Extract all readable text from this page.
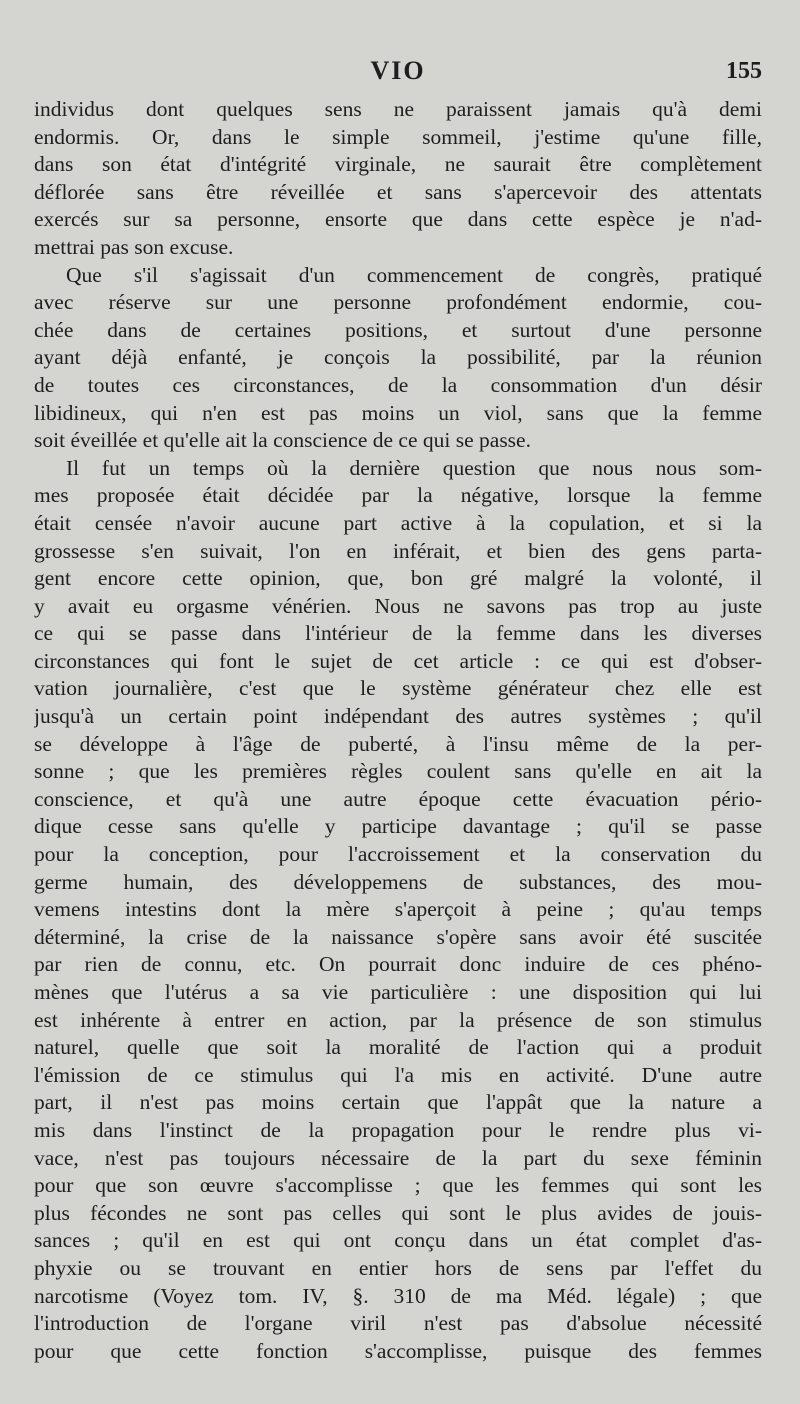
VIO	155
individus dont quelques sens ne paraissent jamais qu'à demi
endormis. Or, dans le simple sommeil, j'estime qu'une fille,
dans son état d'intégrité virginale, ne saurait être complètement
déflorée sans être réveillée et sans s'apercevoir des attentats
exercés sur sa personne, ensorte que dans cette espèce je n'ad-
mettrai pas son excuse.
Que s'il s'agissait d'un commencement de congrès, pratiqué
avec réserve sur une personne profondément endormie, cou-
chée dans de certaines positions, et surtout d'une personne
ayant déjà enfanté, je conçois la possibilité, par la réunion
de toutes ces circonstances, de la consommation d'un désir
libidineux, qui n'en est pas moins un viol, sans que la femme
soit éveillée et qu'elle ait la conscience de ce qui se passe.
Il fut un temps où la dernière question que nous nous som-
mes proposée était décidée par la négative, lorsque la femme
était censée n'avoir aucune part active à la copulation, et si la
grossesse s'en suivait, l'on en inférait, et bien des gens parta-
gent encore cette opinion, que, bon gré malgré la volonté, il
y avait eu orgasme vénérien. Nous ne savons pas trop au juste
ce qui se passe dans l'intérieur de la femme dans les diverses
circonstances qui font le sujet de cet article : ce qui est d'obser-
vation journalière, c'est que le système générateur chez elle est
jusqu'à un certain point indépendant des autres systèmes ; qu'il
se développe à l'âge de puberté, à l'insu même de la per-
sonne ; que les premières règles coulent sans qu'elle en ait la
conscience, et qu'à une autre époque cette évacuation pério-
dique cesse sans qu'elle y participe davantage ; qu'il se passe
pour la conception, pour l'accroissement et la conservation du
germe humain, des développemens de substances, des mou-
vemens intestins dont la mère s'aperçoit à peine ; qu'au temps
déterminé, la crise de la naissance s'opère sans avoir été suscitée
par rien de connu, etc. On pourrait donc induire de ces phéno-
mènes que l'utérus a sa vie particulière : une disposition qui lui
est inhérente à entrer en action, par la présence de son stimulus
naturel, quelle que soit la moralité de l'action qui a produit
l'émission de ce stimulus qui l'a mis en activité. D'une autre
part, il n'est pas moins certain que l'appât que la nature a
mis dans l'instinct de la propagation pour le rendre plus vi-
vace, n'est pas toujours nécessaire de la part du sexe féminin
pour que son œuvre s'accomplisse ; que les femmes qui sont les
plus fécondes ne sont pas celles qui sont le plus avides de jouis-
sances ; qu'il en est qui ont conçu dans un état complet d'as-
phyxie ou se trouvant en entier hors de sens par l'effet du
narcotisme (Voyez tom. IV, §. 310 de ma Méd. légale) ; que
l'introduction de l'organe viril n'est pas d'absolue nécessité
pour que cette fonction s'accomplisse, puisque des femmes
